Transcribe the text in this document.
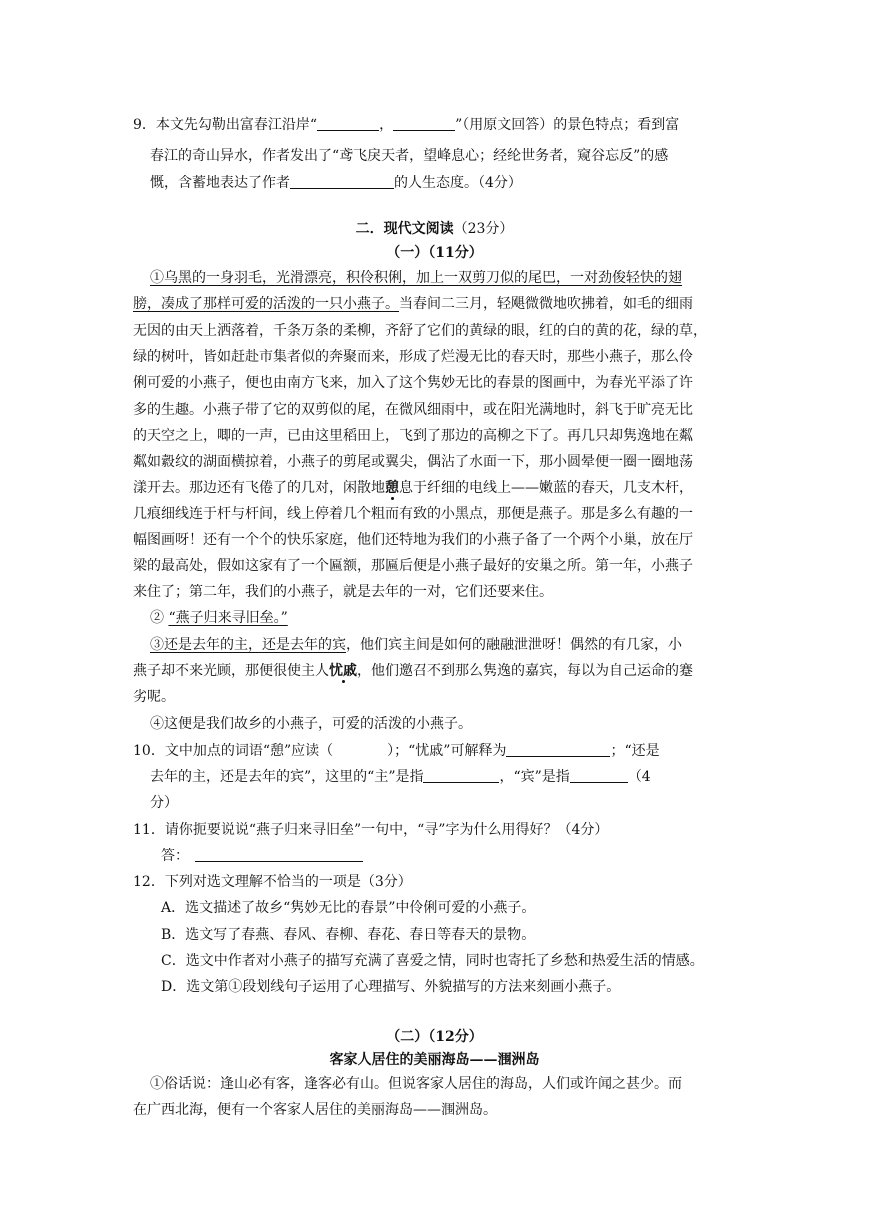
9．本文先勾勒出富春江沿岸“	，	”（用原文回答）的景色特点；看到富
春江的奇山异水，作者发出了“鸢飞戾天者，望峰息心；经纶世务者，窥谷忘反”的感
慨，含蓄地表达了作者	的人生态度。（4分）
二．现代文阅读（23分）
（一）（11分）
①乌黑的一身羽毛，光滑漂亮，积伶积俐，加上一双剪刀似的尾巴，一对劲俊轻快的翅
膀，凑成了那样可爱的活泼的一只小燕子。当春间二三月，轻飓微微地吹拂着，如毛的细雨
无因的由天上洒落着，千条万条的柔柳，齐舒了它们的黄绿的眼，红的白的黄的花，绿的草，
绿的树叶，皆如赶赴市集者似的奔聚而来，形成了烂漫无比的春天时，那些小燕子，那么伶
俐可爱的小燕子，便也由南方飞来，加入了这个隽妙无比的春景的图画中，为春光平添了许
多的生趣。小燕子带了它的双剪似的尾，在微风细雨中，或在阳光满地时，斜飞于旷亮无比
的天空之上，唧的一声，已由这里稻田上，飞到了那边的高柳之下了。再几只却隽逸地在粼
粼如縠纹的湖面横掠着，小燕子的剪尾或翼尖，偶沾了水面一下，那小圆晕便一圈一圈地荡
漾开去。那边还有飞倦了的几对，闲散地憩息于纤细的电线上——嫩蓝的春天，几支木杆，
几痕细线连于杆与杆间，线上停着几个粗而有致的小黑点，那便是燕子。那是多么有趣的一
幅图画呀！还有一个个的快乐家庭，他们还特地为我们的小燕子备了一个两个小巢，放在厅
梁的最高处，假如这家有了一个匾额，那匾后便是小燕子最好的安巢之所。第一年，小燕子
来住了；第二年，我们的小燕子，就是去年的一对，它们还要来住。
② “燕子归来寻旧垒。”
③还是去年的主，还是去年的宾，他们宾主间是如何的融融泄泄呀！偶然的有几家，小
燕子却不来光顾，那便很使主人忧戚，他们邀召不到那么隽逸的嘉宾，每以为自己运命的蹇
劣呢。
④这便是我们故乡的小燕子，可爱的活泼的小燕子。
10．文中加点的词语“憩”应读（	）；“忧戚”可解释为	；“还是
去年的主，还是去年的宾”，这里的“主”是指	，“宾”是指	（4
分）
11．请你扼要说说“燕子归来寻旧垒”一句中，“寻”字为什么用得好？（4分）
答：
12．下列对选文理解不恰当的一项是（3分）
A．选文描述了故乡“隽妙无比的春景”中伶俐可爱的小燕子。
B．选文写了春燕、春风、春柳、春花、春日等春天的景物。
C．选文中作者对小燕子的描写充满了喜爱之情，同时也寄托了乡愁和热爱生活的情感。
D．选文第①段划线句子运用了心理描写、外貌描写的方法来刻画小燕子。
（二）（12分）
客家人居住的美丽海岛——涠洲岛
①俗话说：逢山必有客，逢客必有山。但说客家人居住的海岛，人们或许闻之甚少。而
在广西北海，便有一个客家人居住的美丽海岛——涠洲岛。
